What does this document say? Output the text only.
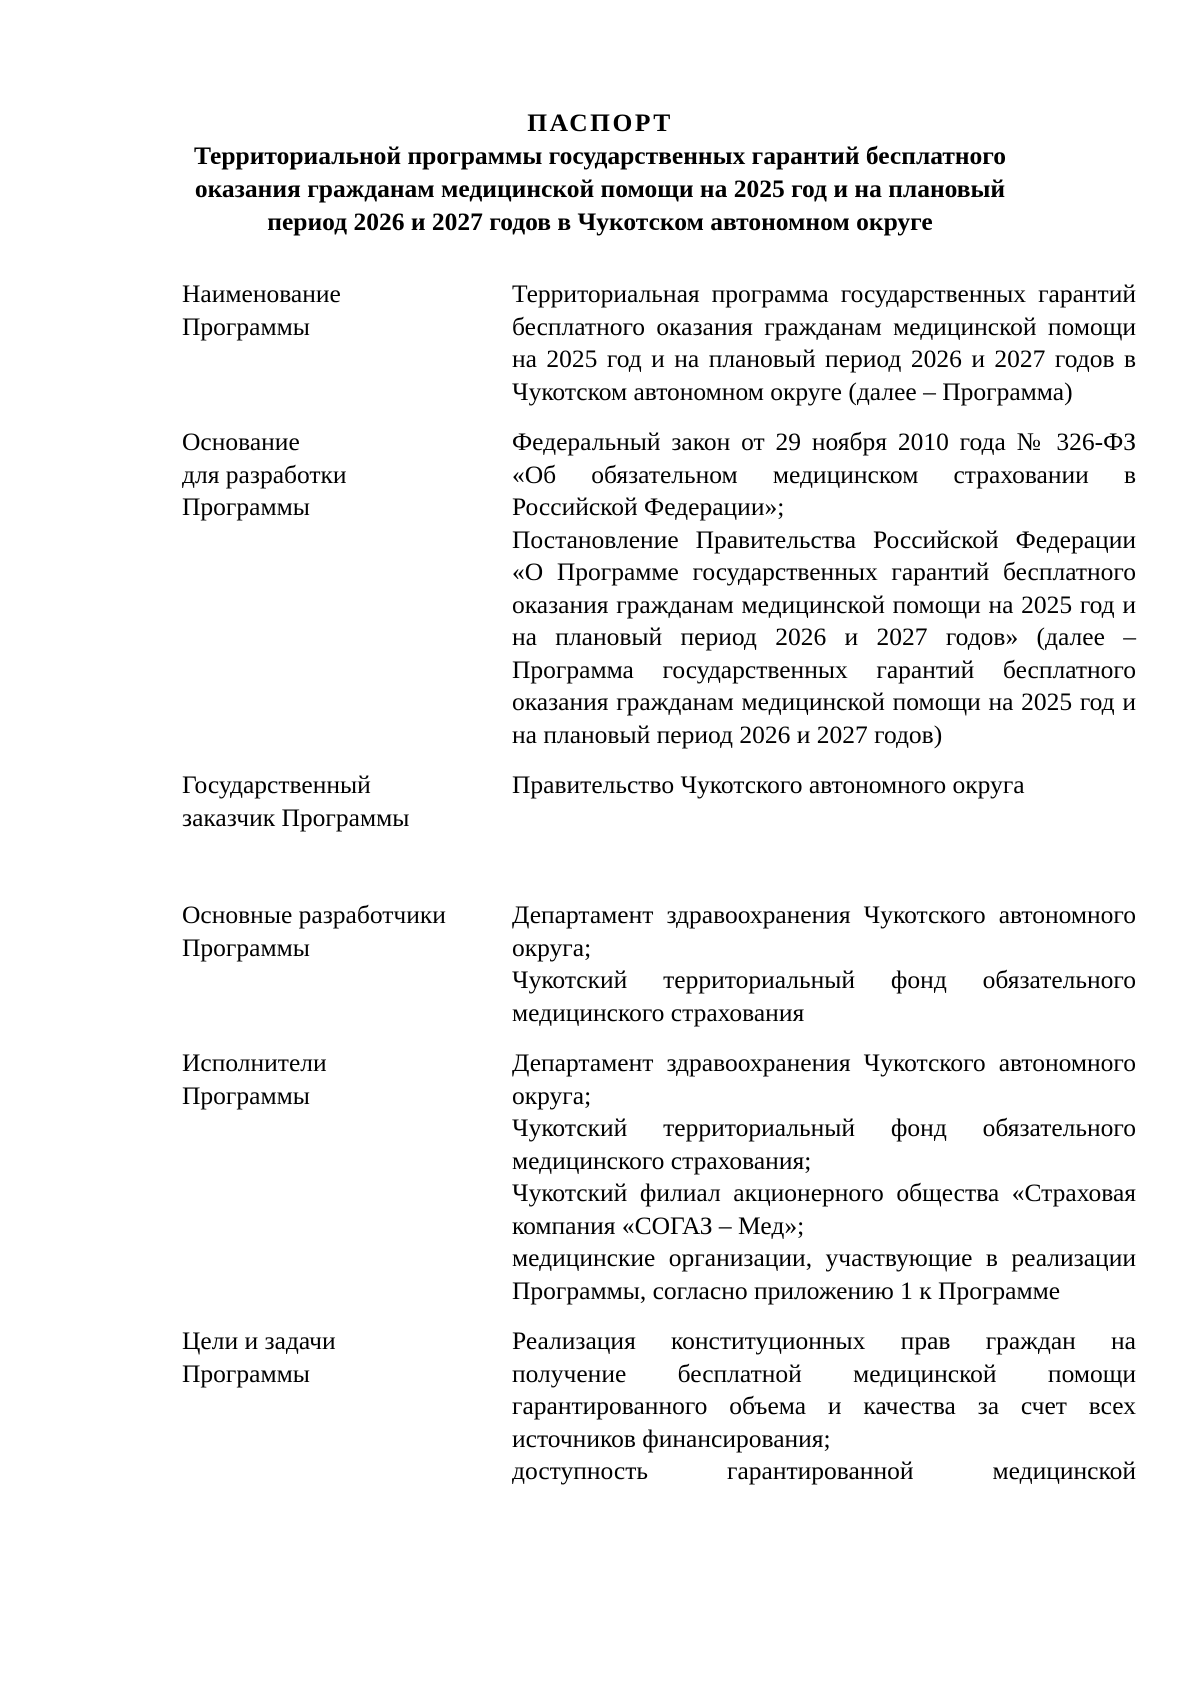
ПАСПОРТ
Территориальной программы государственных гарантий бесплатного
оказания гражданам медицинской помощи на 2025 год и на плановый
период 2026 и 2027 годов в Чукотском автономном округе
Наименование
Программы

Территориальная программа государственных гарантий бесплатного оказания гражданам медицинской помощи на 2025 год и на плановый период 2026 и 2027 годов в Чукотском автономном округе (далее – Программа)

Основание
для разработки
Программы

Федеральный закон от 29 ноября 2010 года № 326-ФЗ «Об обязательном медицинском страховании в Российской Федерации»;

Постановление Правительства Российской Федерации «О Программе государственных гарантий бесплатного оказания гражданам медицинской помощи на 2025 год и на плановый период 2026 и 2027 годов» (далее – Программа государственных гарантий бесплатного оказания гражданам медицинской помощи на 2025 год и на плановый период 2026 и 2027 годов)

Государственный
заказчик Программы

Правительство Чукотского автономного округа

Основные разработчики
Программы

Департамент здравоохранения Чукотского автономного округа;

Чукотский территориальный фонд обязательного медицинского страхования

Исполнители
Программы

Департамент здравоохранения Чукотского автономного округа;

Чукотский территориальный фонд обязательного медицинского страхования;

Чукотский филиал акционерного общества «Страховая компания «СОГАЗ – Мед»;

медицинские организации, участвующие в реализации Программы, согласно приложению 1 к Программе

Цели и задачи
Программы

Реализация конституционных прав граждан на получение бесплатной медицинской помощи гарантированного объема и качества за счет всех источников финансирования;

доступность гарантированной медицинской
